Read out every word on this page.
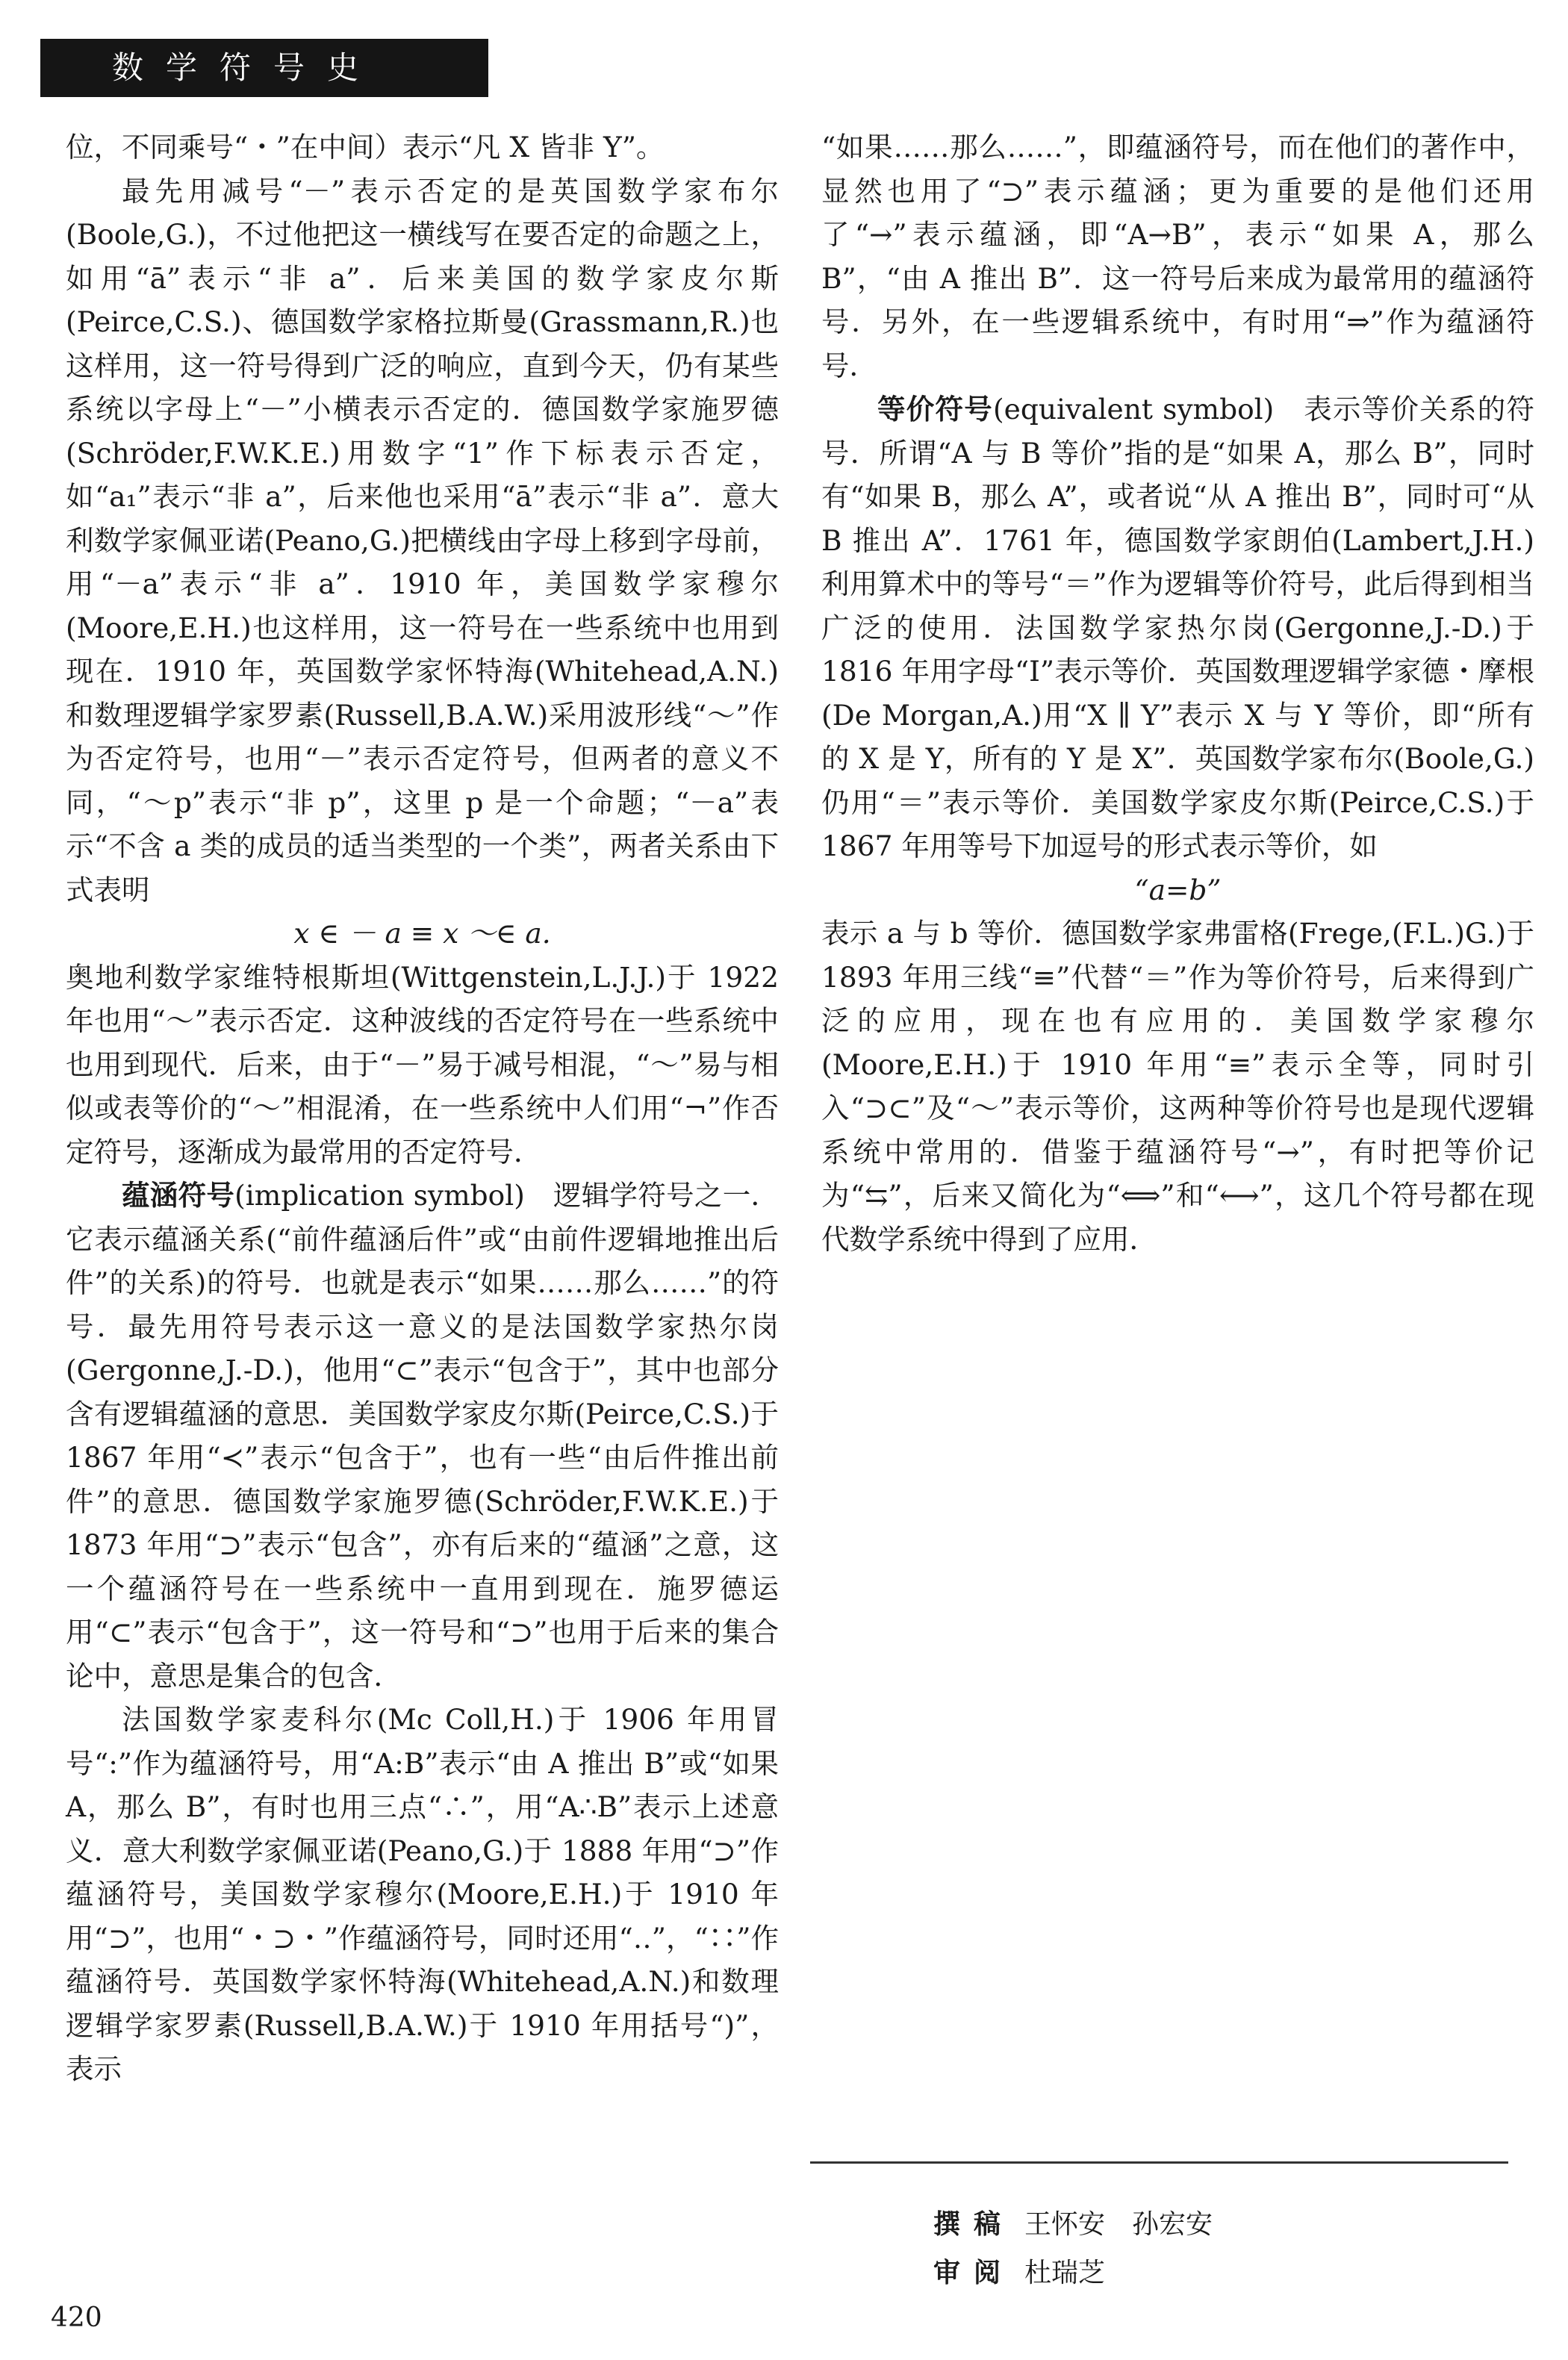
数学符号史

位，不同乘号“・”在中间）表示“凡 X 皆非 Y”。

最先用减号“－”表示否定的是英国数学家布尔(Boole,G.)，不过他把这一横线写在要否定的命题之上，如用“ā”表示“非 a”．后来美国的数学家皮尔斯(Peirce,C.S.)、德国数学家格拉斯曼(Grassmann,R.)也这样用，这一符号得到广泛的响应，直到今天，仍有某些系统以字母上“－”小横表示否定的．德国数学家施罗德(Schröder,F.W.K.E.)用数字“1”作下标表示否定，如“a₁”表示“非 a”，后来他也采用“ā”表示“非 a”．意大利数学家佩亚诺(Peano,G.)把横线由字母上移到字母前，用“－a”表示“非 a”．1910 年，美国数学家穆尔(Moore,E.H.)也这样用，这一符号在一些系统中也用到现在．1910 年，英国数学家怀特海(Whitehead,A.N.)和数理逻辑学家罗素(Russell,B.A.W.)采用波形线“～”作为否定符号，也用“－”表示否定符号，但两者的意义不同，“～p”表示“非 p”，这里 p 是一个命题；“－a”表示“不含 a 类的成员的适当类型的一个类”，两者关系由下式表明

x ∈ － a ≡ x ～∈ a.

奥地利数学家维特根斯坦(Wittgenstein,L.J.J.)于 1922 年也用“～”表示否定．这种波线的否定符号在一些系统中也用到现代．后来，由于“－”易于减号相混，“～”易与相似或表等价的“～”相混淆，在一些系统中人们用“¬”作否定符号，逐渐成为最常用的否定符号．

蕴涵符号(implication symbol)　逻辑学符号之一．它表示蕴涵关系(“前件蕴涵后件”或“由前件逻辑地推出后件”的关系)的符号．也就是表示“如果……那么……”的符号．最先用符号表示这一意义的是法国数学家热尔岗(Gergonne,J.-D.)，他用“⊂”表示“包含于”，其中也部分含有逻辑蕴涵的意思．美国数学家皮尔斯(Peirce,C.S.)于 1867 年用“≺”表示“包含于”，也有一些“由后件推出前件”的意思．德国数学家施罗德(Schröder,F.W.K.E.)于 1873 年用“⊃”表示“包含”，亦有后来的“蕴涵”之意，这一个蕴涵符号在一些系统中一直用到现在．施罗德运用“⊂”表示“包含于”，这一符号和“⊃”也用于后来的集合论中，意思是集合的包含．

法国数学家麦科尔(Mc Coll,H.)于 1906 年用冒号“:”作为蕴涵符号，用“A:B”表示“由 A 推出 B”或“如果 A，那么 B”，有时也用三点“∴”，用“A∴B”表示上述意义．意大利数学家佩亚诺(Peano,G.)于 1888 年用“⊃”作蕴涵符号，美国数学家穆尔(Moore,E.H.)于 1910 年用“⊃”，也用“・⊃・”作蕴涵符号，同时还用“‥”，“∷”作蕴涵符号．英国数学家怀特海(Whitehead,A.N.)和数理逻辑学家罗素(Russell,B.A.W.)于 1910 年用括号“)”，表示

“如果……那么……”，即蕴涵符号，而在他们的著作中，显然也用了“⊃”表示蕴涵；更为重要的是他们还用了“→”表示蕴涵，即“A→B”，表示“如果 A，那么 B”，“由 A 推出 B”．这一符号后来成为最常用的蕴涵符号．另外，在一些逻辑系统中，有时用“⇒”作为蕴涵符号．

等价符号(equivalent symbol)　表示等价关系的符号．所谓“A 与 B 等价”指的是“如果 A，那么 B”，同时有“如果 B，那么 A”，或者说“从 A 推出 B”，同时可“从 B 推出 A”．1761 年，德国数学家朗伯(Lambert,J.H.)利用算术中的等号“＝”作为逻辑等价符号，此后得到相当广泛的使用．法国数学家热尔岗(Gergonne,J.-D.)于 1816 年用字母“I”表示等价．英国数理逻辑学家德・摩根(De Morgan,A.)用“X ∥ Y”表示 X 与 Y 等价，即“所有的 X 是 Y，所有的 Y 是 X”．英国数学家布尔(Boole,G.)仍用“＝”表示等价．美国数学家皮尔斯(Peirce,C.S.)于 1867 年用等号下加逗号的形式表示等价，如

“a=b”

表示 a 与 b 等价．德国数学家弗雷格(Frege,(F.L.)G.)于 1893 年用三线“≡”代替“＝”作为等价符号，后来得到广泛的应用，现在也有应用的．美国数学家穆尔(Moore,E.H.)于 1910 年用“≡”表示全等，同时引入“⊃⊂”及“～”表示等价，这两种等价符号也是现代逻辑系统中常用的．借鉴于蕴涵符号“→”，有时把等价记为“⇆”，后来又简化为“⟺”和“⟷”，这几个符号都在现代数学系统中得到了应用．

撰稿 王怀安　孙宏安
审阅 杜瑞芝
420
